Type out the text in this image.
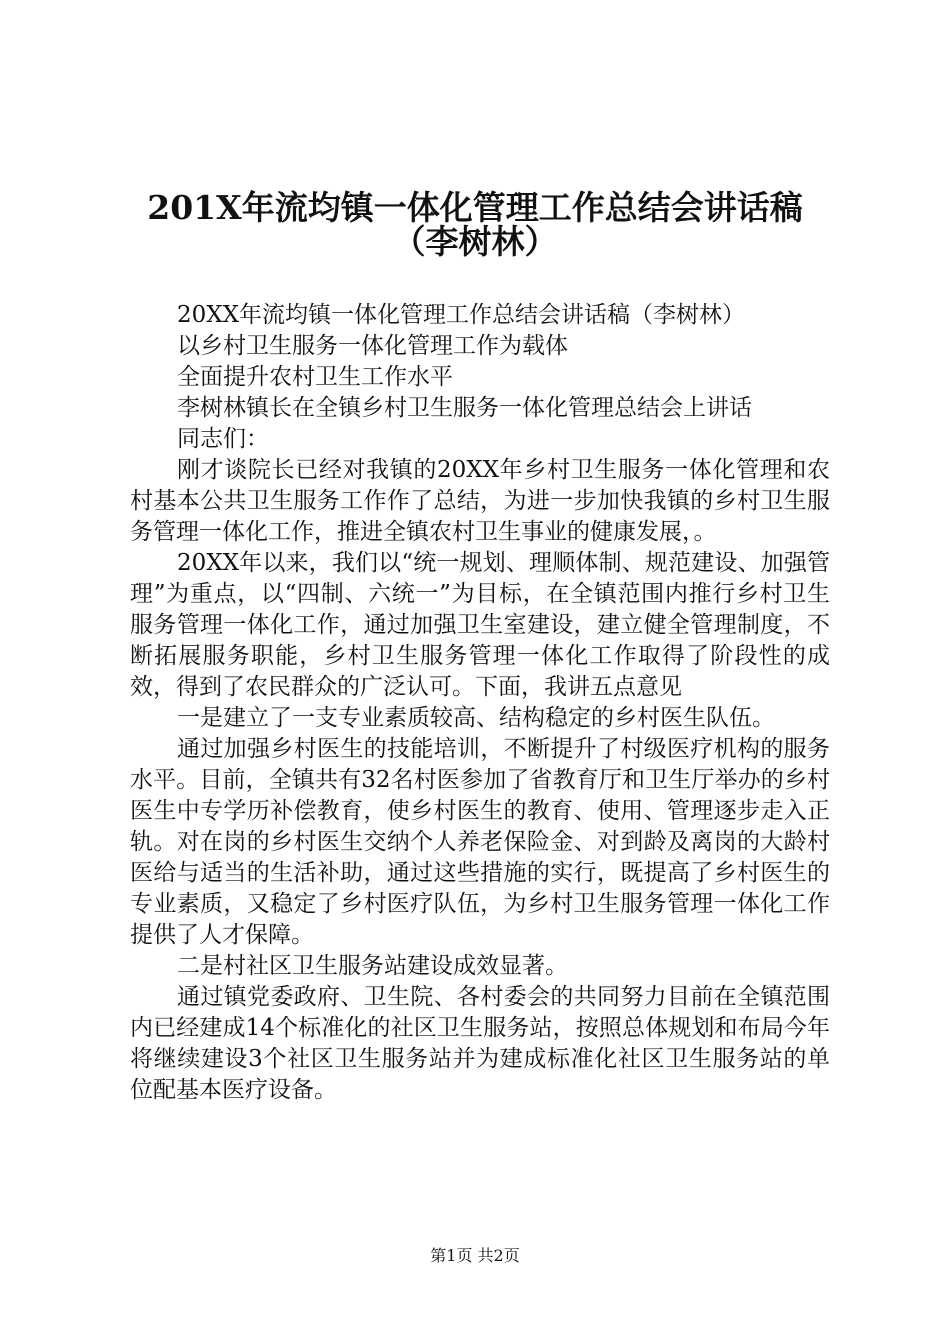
201X年流均镇一体化管理工作总结会讲话稿
（李树林）

20XX年流均镇一体化管理工作总结会讲话稿（李树林）

以乡村卫生服务一体化管理工作为载体

全面提升农村卫生工作水平

李树林镇长在全镇乡村卫生服务一体化管理总结会上讲话

同志们：

刚才谈院长已经对我镇的20XX年乡村卫生服务一体化管理和农村基本公共卫生服务工作作了总结，为进一步加快我镇的乡村卫生服务管理一体化工作，推进全镇农村卫生事业的健康发展，。

20XX年以来，我们以“统一规划、理顺体制、规范建设、加强管理”为重点，以“四制、六统一”为目标，在全镇范围内推行乡村卫生服务管理一体化工作，通过加强卫生室建设，建立健全管理制度，不断拓展服务职能，乡村卫生服务管理一体化工作取得了阶段性的成效，得到了农民群众的广泛认可。下面，我讲五点意见

一是建立了一支专业素质较高、结构稳定的乡村医生队伍。

通过加强乡村医生的技能培训，不断提升了村级医疗机构的服务水平。目前，全镇共有32名村医参加了省教育厅和卫生厅举办的乡村医生中专学历补偿教育，使乡村医生的教育、使用、管理逐步走入正轨。对在岗的乡村医生交纳个人养老保险金、对到龄及离岗的大龄村医给与适当的生活补助，通过这些措施的实行，既提高了乡村医生的专业素质，又稳定了乡村医疗队伍，为乡村卫生服务管理一体化工作提供了人才保障。

二是村社区卫生服务站建设成效显著。

通过镇党委政府、卫生院、各村委会的共同努力目前在全镇范围内已经建成14个标准化的社区卫生服务站，按照总体规划和布局今年将继续建设3个社区卫生服务站并为建成标准化社区卫生服务站的单位配基本医疗设备。

第1页 共2页
